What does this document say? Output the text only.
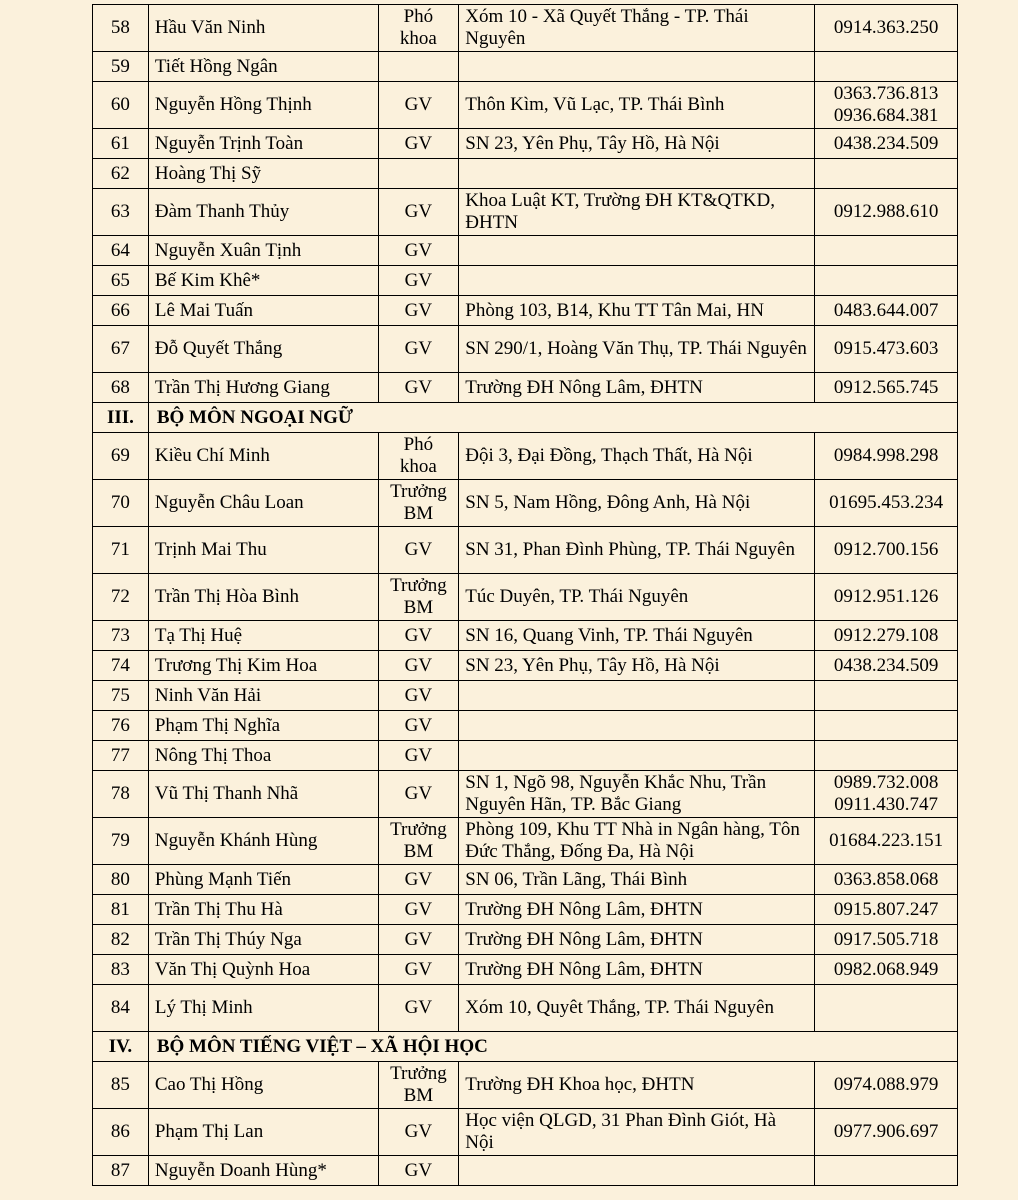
58	Hầu Văn Ninh	Phó khoa	Xóm 10 - Xã Quyết Thắng - TP. Thái Nguyên	0914.363.250

59	Tiết Hồng Ngân			
60	Nguyễn Hồng Thịnh	GV	Thôn Kìm, Vũ Lạc, TP. Thái Bình	0363.736.813
0936.684.381

61	Nguyễn Trịnh Toàn	GV	SN 23, Yên Phụ, Tây Hồ, Hà Nội	0438.234.509

62	Hoàng Thị Sỹ			
63	Đàm Thanh Thủy	GV	Khoa Luật KT, Trường ĐH KT&QTKD, ĐHTN	0912.988.610

64	Nguyễn Xuân Tịnh	GV		
65	Bế Kim Khê*	GV		
66	Lê Mai Tuấn	GV	Phòng 103, B14, Khu TT Tân Mai, HN	0483.644.007

67	Đỗ Quyết Thắng	GV	SN 290/1, Hoàng Văn Thụ, TP. Thái Nguyên	0915.473.603

68	Trần Thị Hương Giang	GV	Trường ĐH Nông Lâm, ĐHTN	0912.565.745

III.	BỘ MÔN NGOẠI NGỮ			
69	Kiều Chí Minh	Phó khoa	Đội 3, Đại Đồng, Thạch Thất, Hà Nội	0984.998.298

70	Nguyễn Châu Loan	Trưởng BM	SN 5, Nam Hồng, Đông Anh, Hà Nội	01695.453.234

71	Trịnh Mai Thu	GV	SN 31, Phan Đình Phùng, TP. Thái Nguyên	0912.700.156

72	Trần Thị Hòa Bình	Trưởng BM	Túc Duyên, TP. Thái Nguyên	0912.951.126

73	Tạ Thị Huệ	GV	SN 16, Quang Vinh, TP. Thái Nguyên	0912.279.108

74	Trương Thị Kim Hoa	GV	SN 23, Yên Phụ, Tây Hồ, Hà Nội	0438.234.509

75	Ninh Văn Hải	GV		
76	Phạm Thị Nghĩa	GV		
77	Nông Thị Thoa	GV		
78	Vũ Thị Thanh Nhã	GV	SN 1, Ngõ 98, Nguyễn Khắc Nhu, Trần Nguyên Hãn, TP. Bắc Giang	0989.732.008
0911.430.747

79	Nguyễn Khánh Hùng	Trưởng BM	Phòng 109, Khu TT Nhà in Ngân hàng, Tôn Đức Thắng, Đống Đa, Hà Nội	01684.223.151

80	Phùng Mạnh Tiến	GV	SN 06, Trần Lãng, Thái Bình	0363.858.068

81	Trần Thị Thu Hà	GV	Trường ĐH Nông Lâm, ĐHTN	0915.807.247

82	Trần Thị Thúy Nga	GV	Trường ĐH Nông Lâm, ĐHTN	0917.505.718

83	Văn Thị Quỳnh Hoa	GV	Trường ĐH Nông Lâm, ĐHTN	0982.068.949

84	Lý Thị Minh	GV	Xóm 10, Quyêt Thắng, TP. Thái Nguyên	
IV.	BỘ MÔN TIẾNG VIỆT – XÃ HỘI HỌC			
85	Cao Thị Hồng	Trưởng BM	Trường ĐH Khoa học, ĐHTN	0974.088.979

86	Phạm Thị Lan	GV	Học viện QLGD, 31 Phan Đình Giót, Hà Nội	0977.906.697

87	Nguyễn Doanh Hùng*	GV		
